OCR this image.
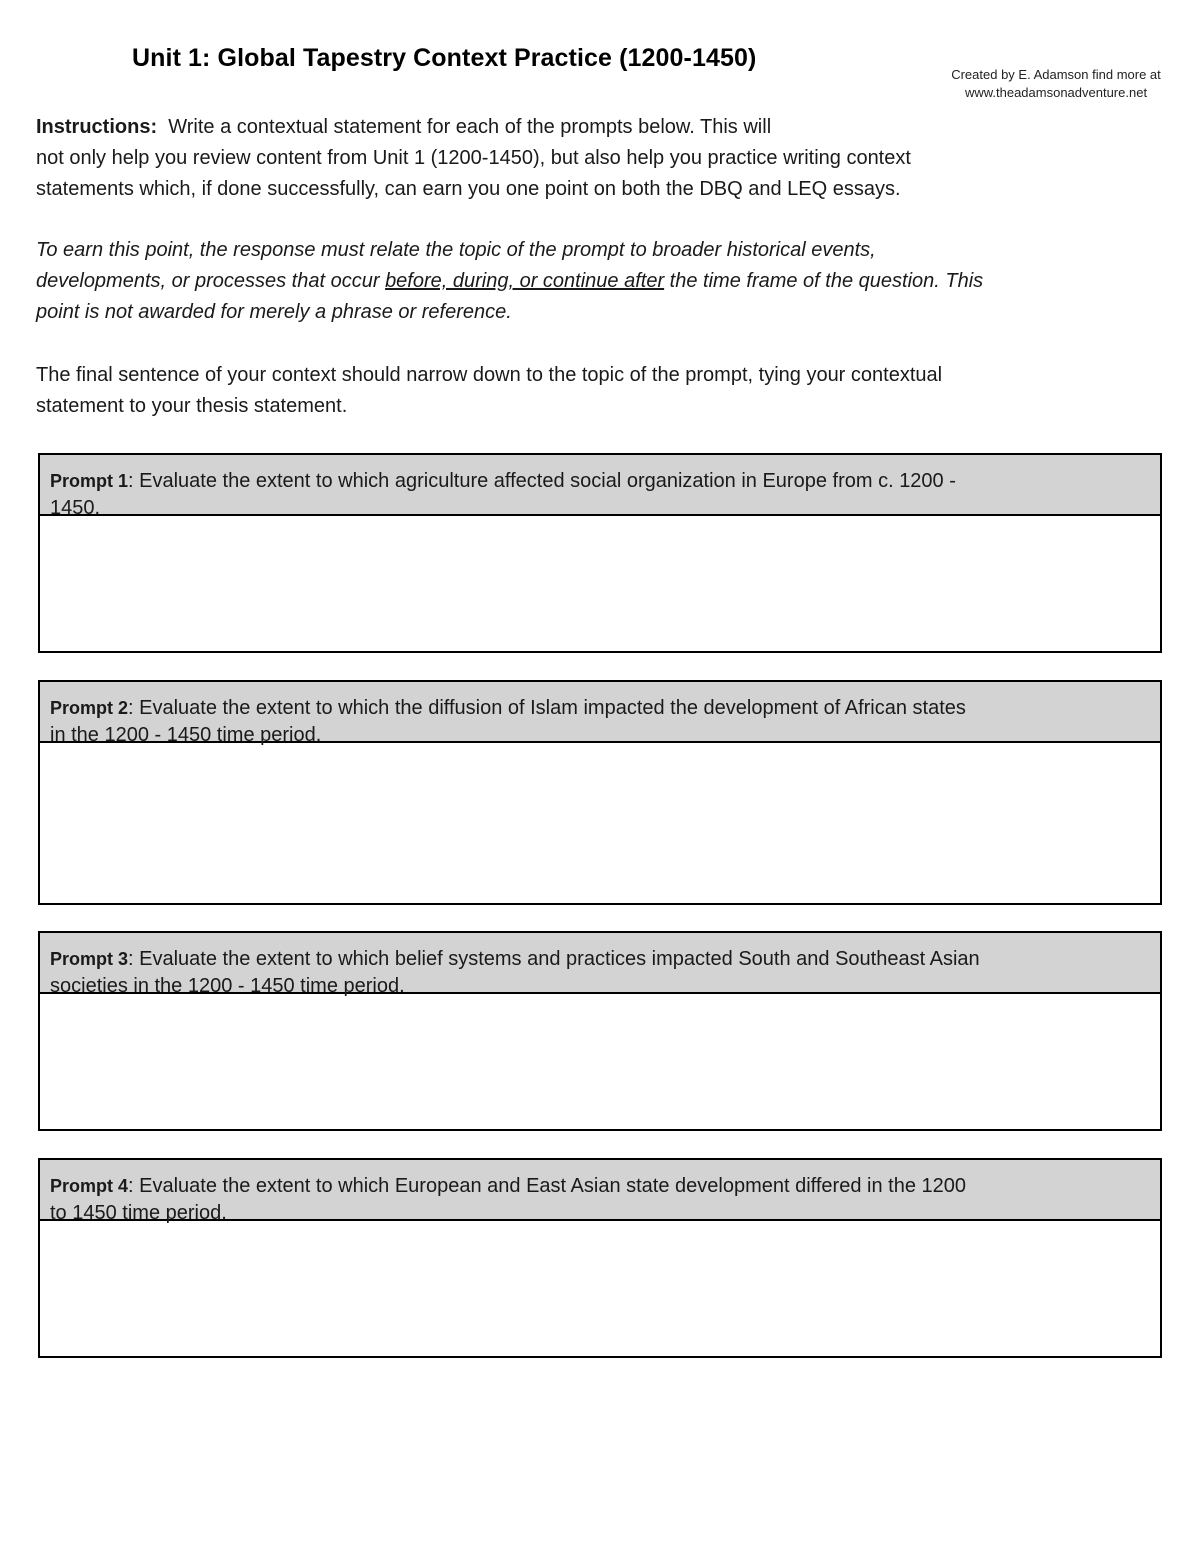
Unit 1: Global Tapestry Context Practice (1200-1450)
Created by E. Adamson find more at
www.theadamsonadventure.net
Instructions: Write a contextual statement for each of the prompts below. This will
not only help you review content from Unit 1 (1200-1450), but also help you practice writing context
statements which, if done successfully, can earn you one point on both the DBQ and LEQ essays.
To earn this point, the response must relate the topic of the prompt to broader historical events,
developments, or processes that occur before, during, or continue after the time frame of the question. This
point is not awarded for merely a phrase or reference.
The final sentence of your context should narrow down to the topic of the prompt, tying your contextual
statement to your thesis statement.
Prompt 1: Evaluate the extent to which agriculture affected social organization in Europe from c. 1200 -
1450.
Prompt 2: Evaluate the extent to which the diffusion of Islam impacted the development of African states
in the 1200 - 1450 time period.
Prompt 3: Evaluate the extent to which belief systems and practices impacted South and Southeast Asian
societies in the 1200 - 1450 time period.
Prompt 4: Evaluate the extent to which European and East Asian state development differed in the 1200
to 1450 time period.
